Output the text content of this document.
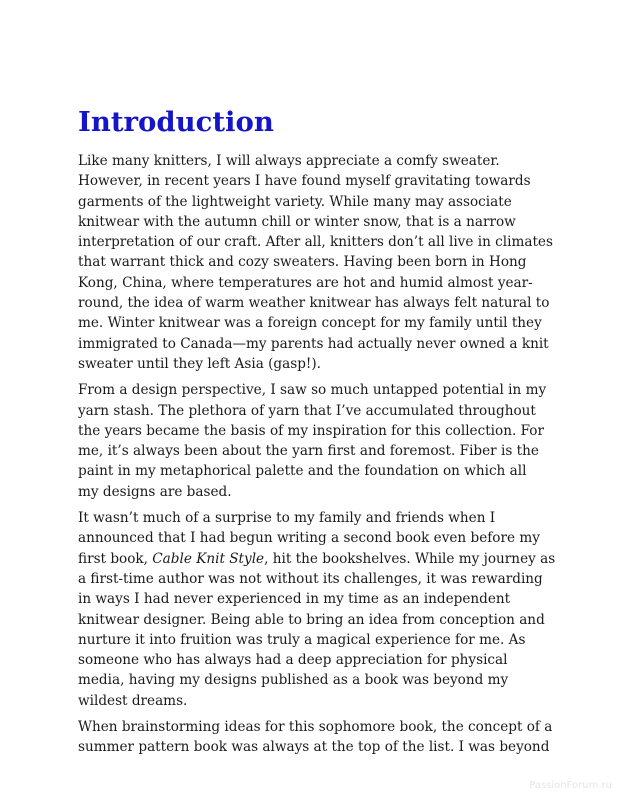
Introduction

Like many knitters, I will always appreciate a comfy sweater.
However, in recent years I have found myself gravitating towards
garments of the lightweight variety. While many may associate
knitwear with the autumn chill or winter snow, that is a narrow
interpretation of our craft. After all, knitters don’t all live in climates
that warrant thick and cozy sweaters. Having been born in Hong
Kong, China, where temperatures are hot and humid almost year-
round, the idea of warm weather knitwear has always felt natural to
me. Winter knitwear was a foreign concept for my family until they
immigrated to Canada—my parents had actually never owned a knit
sweater until they left Asia (gasp!).

From a design perspective, I saw so much untapped potential in my
yarn stash. The plethora of yarn that I’ve accumulated throughout
the years became the basis of my inspiration for this collection. For
me, it’s always been about the yarn first and foremost. Fiber is the
paint in my metaphorical palette and the foundation on which all
my designs are based.

It wasn’t much of a surprise to my family and friends when I
announced that I had begun writing a second book even before my
first book, Cable Knit Style, hit the bookshelves. While my journey as
a first-time author was not without its challenges, it was rewarding
in ways I had never experienced in my time as an independent
knitwear designer. Being able to bring an idea from conception and
nurture it into fruition was truly a magical experience for me. As
someone who has always had a deep appreciation for physical
media, having my designs published as a book was beyond my
wildest dreams.

When brainstorming ideas for this sophomore book, the concept of a
summer pattern book was always at the top of the list. I was beyond

PassionForum.ru
